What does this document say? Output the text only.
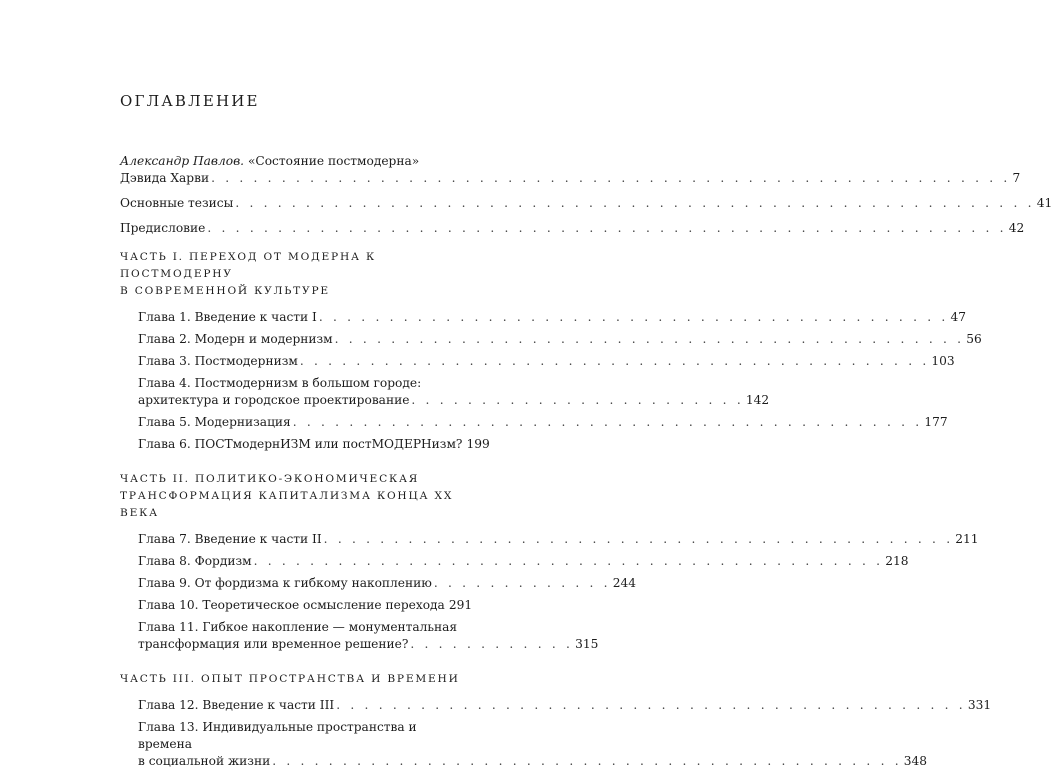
ОГЛАВЛЕНИЕ
Александр Павлов. «Состояние постмодерна»
Дэвида Харви . . . . . . . . . . . . . . . . . . . . . . . . . . . . . . . . . . . . . . . . . . . . . . . . . . . . . . . . . 7
Основные тезисы . . . . . . . . . . . . . . . . . . . . . . . . . . . . . . . . . . . . . . . . . . . . . . . . . . . . . . . . . 41
Предисловие . . . . . . . . . . . . . . . . . . . . . . . . . . . . . . . . . . . . . . . . . . . . . . . . . . . . . . . . . 42
ЧАСТЬ I. ПЕРЕХОД ОТ МОДЕРНА К ПОСТМОДЕРНУ
В СОВРЕМЕННОЙ КУЛЬТУРЕ
Глава 1. Введение к части I . . . . . . . . . . . . . . . . . . . . . . . . . . . . . . . . . . . . . . . . . . . . . 47
Глава 2. Модерн и модернизм . . . . . . . . . . . . . . . . . . . . . . . . . . . . . . . . . . . . . . . . . . . . . 56
Глава 3. Постмодернизм . . . . . . . . . . . . . . . . . . . . . . . . . . . . . . . . . . . . . . . . . . . . . 103
Глава 4. Постмодернизм в большом городе:
архитектура и городское проектирование . . . . . . . . . . . . . . . . . . . . . . . . 142
Глава 5. Модернизация . . . . . . . . . . . . . . . . . . . . . . . . . . . . . . . . . . . . . . . . . . . . . 177
Глава 6. ПОСТмодернИЗМ или постМОДЕРНизм? 199
ЧАСТЬ II. ПОЛИТИКО-ЭКОНОМИЧЕСКАЯ
ТРАНСФОРМАЦИЯ КАПИТАЛИЗМА КОНЦА XX ВЕКА
Глава 7. Введение к части II . . . . . . . . . . . . . . . . . . . . . . . . . . . . . . . . . . . . . . . . . . . . . 211
Глава 8. Фордизм . . . . . . . . . . . . . . . . . . . . . . . . . . . . . . . . . . . . . . . . . . . . . 218
Глава 9. От фордизма к гибкому накоплению . . . . . . . . . . . . . 244
Глава 10. Теоретическое осмысление перехода 291
Глава 11. Гибкое накопление — монументальная
трансформация или временное решение? . . . . . . . . . . . . 315
ЧАСТЬ III. ОПЫТ ПРОСТРАНСТВА И ВРЕМЕНИ
Глава 12. Введение к части III . . . . . . . . . . . . . . . . . . . . . . . . . . . . . . . . . . . . . . . . . . . . . 331
Глава 13. Индивидуальные пространства и времена
в социальной жизни . . . . . . . . . . . . . . . . . . . . . . . . . . . . . . . . . . . . . . . . . . . . . 348
